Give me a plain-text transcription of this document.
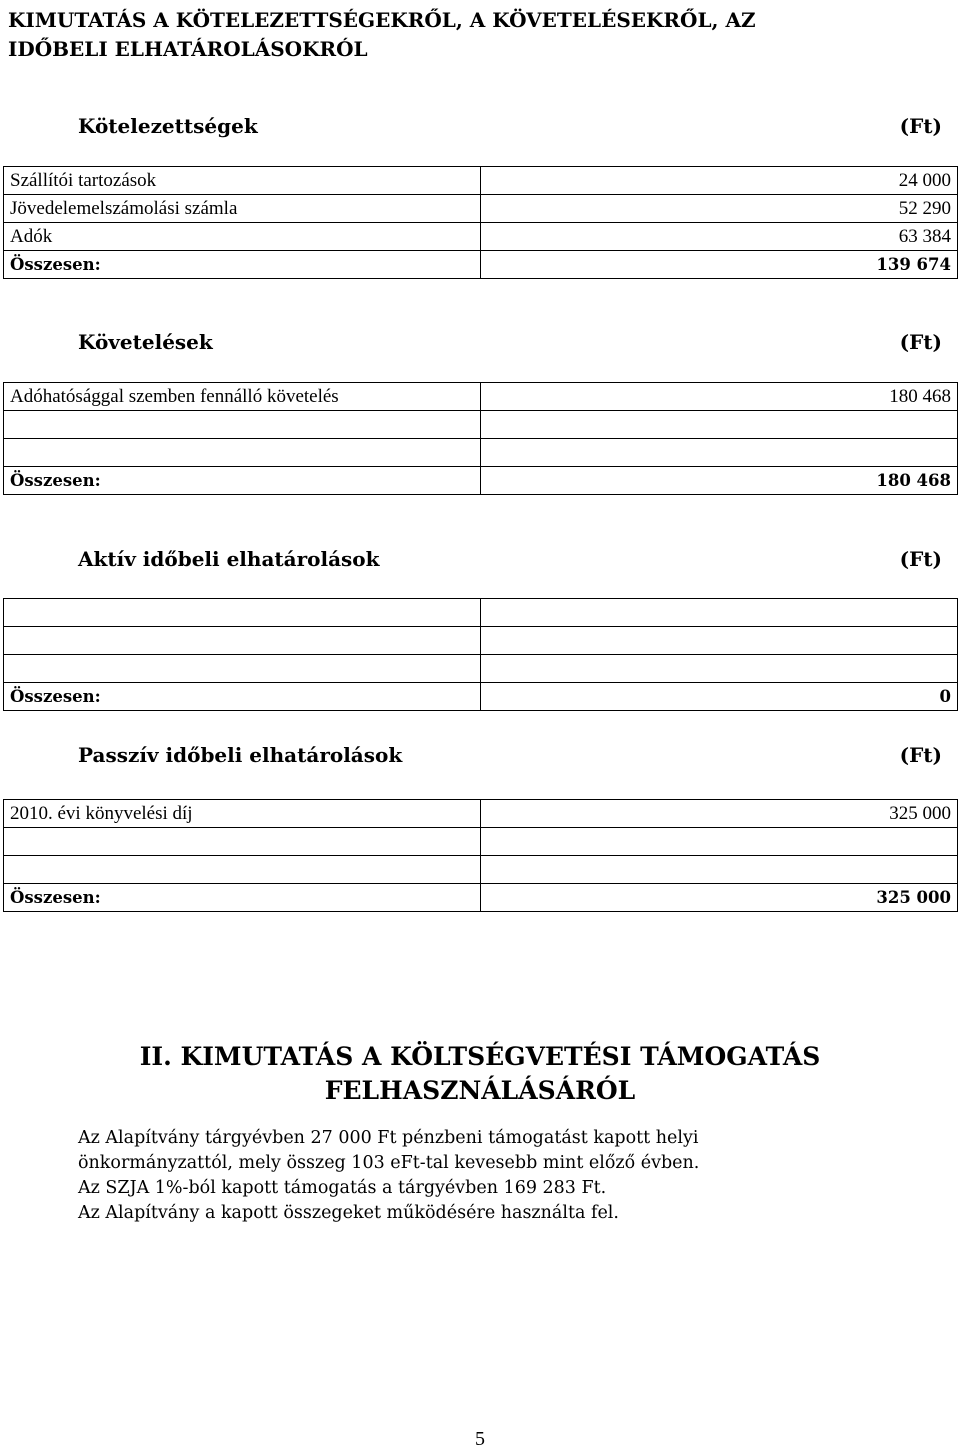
KIMUTATÁS A KÖTELEZETTSÉGEKRŐL, A KÖVETELÉSEKRŐL, AZ
IDŐBELI ELHATÁROLÁSOKRÓL
Kötelezettségek	(Ft)
Szállítói tartozások	24 000
Jövedelemelszámolási számla	52 290
Adók	63 384
Összesen:	139 674
Követelések	(Ft)
Adóhatósággal szemben fennálló követelés	180 468

Összesen:	180 468
Aktív időbeli elhatárolások	(Ft)

Összesen:	0
Passzív időbeli elhatárolások	(Ft)
2010. évi könyvelési díj	325 000

Összesen:	325 000
II. KIMUTATÁS A KÖLTSÉGVETÉSI TÁMOGATÁS
FELHASZNÁLÁSÁRÓL

Az Alapítvány tárgyévben 27 000 Ft pénzbeni támogatást kapott helyi

önkormányzattól, mely összeg 103 eFt-tal kevesebb mint előző évben.

Az SZJA 1%-ból kapott támogatás a tárgyévben 169 283 Ft.

Az Alapítvány a kapott összegeket működésére használta fel.

5
